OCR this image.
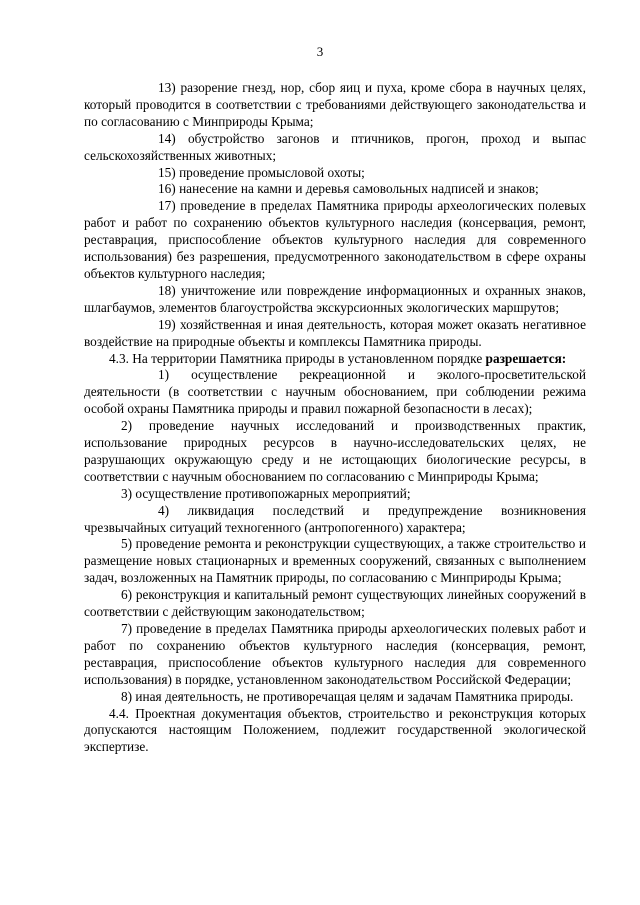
3

13) разорение гнезд, нор, сбор яиц и пуха, кроме сбора в научных целях, который проводится в соответствии с требованиями действующего законодательства и по согласованию с Минприроды Крыма;

14) обустройство загонов и птичников, прогон, проход и выпас сельскохозяйственных животных;

15) проведение промысловой охоты;

16) нанесение на камни и деревья самовольных надписей и знаков;

17) проведение в пределах Памятника природы археологических полевых работ и работ по сохранению объектов культурного наследия (консервация, ремонт, реставрация, приспособление объектов культурного наследия для современного использования) без разрешения, предусмотренного законодательством в сфере охраны объектов культурного наследия;

18) уничтожение или повреждение информационных и охранных знаков, шлагбаумов, элементов благоустройства экскурсионных экологических маршрутов;

19) хозяйственная и иная деятельность, которая может оказать негативное воздействие на природные объекты и комплексы Памятника природы.

4.3. На территории Памятника природы в установленном порядке разрешается:

1) осуществление рекреационной и эколого-просветительской деятельности (в соответствии с научным обоснованием, при соблюдении режима особой охраны Памятника природы и правил пожарной безопасности в лесах);

2) проведение научных исследований и производственных практик, использование природных ресурсов в научно-исследовательских целях, не разрушающих окружающую среду и не истощающих биологические ресурсы, в соответствии с научным обоснованием по согласованию с Минприроды Крыма;

3) осуществление противопожарных мероприятий;

4) ликвидация последствий и предупреждение возникновения чрезвычайных ситуаций техногенного (антропогенного) характера;

5) проведение ремонта и реконструкции существующих, а также строительство и размещение новых стационарных и временных сооружений, связанных с выполнением задач, возложенных на Памятник природы, по согласованию с Минприроды Крыма;

6) реконструкция и капитальный ремонт существующих линейных сооружений в соответствии с действующим законодательством;

7) проведение в пределах Памятника природы археологических полевых работ и работ по сохранению объектов культурного наследия (консервация, ремонт, реставрация, приспособление объектов культурного наследия для современного использования) в порядке, установленном законодательством Российской Федерации;

8) иная деятельность, не противоречащая целям и задачам Памятника природы.

4.4. Проектная документация объектов, строительство и реконструкция которых допускаются настоящим Положением, подлежит государственной экологической экспертизе.
